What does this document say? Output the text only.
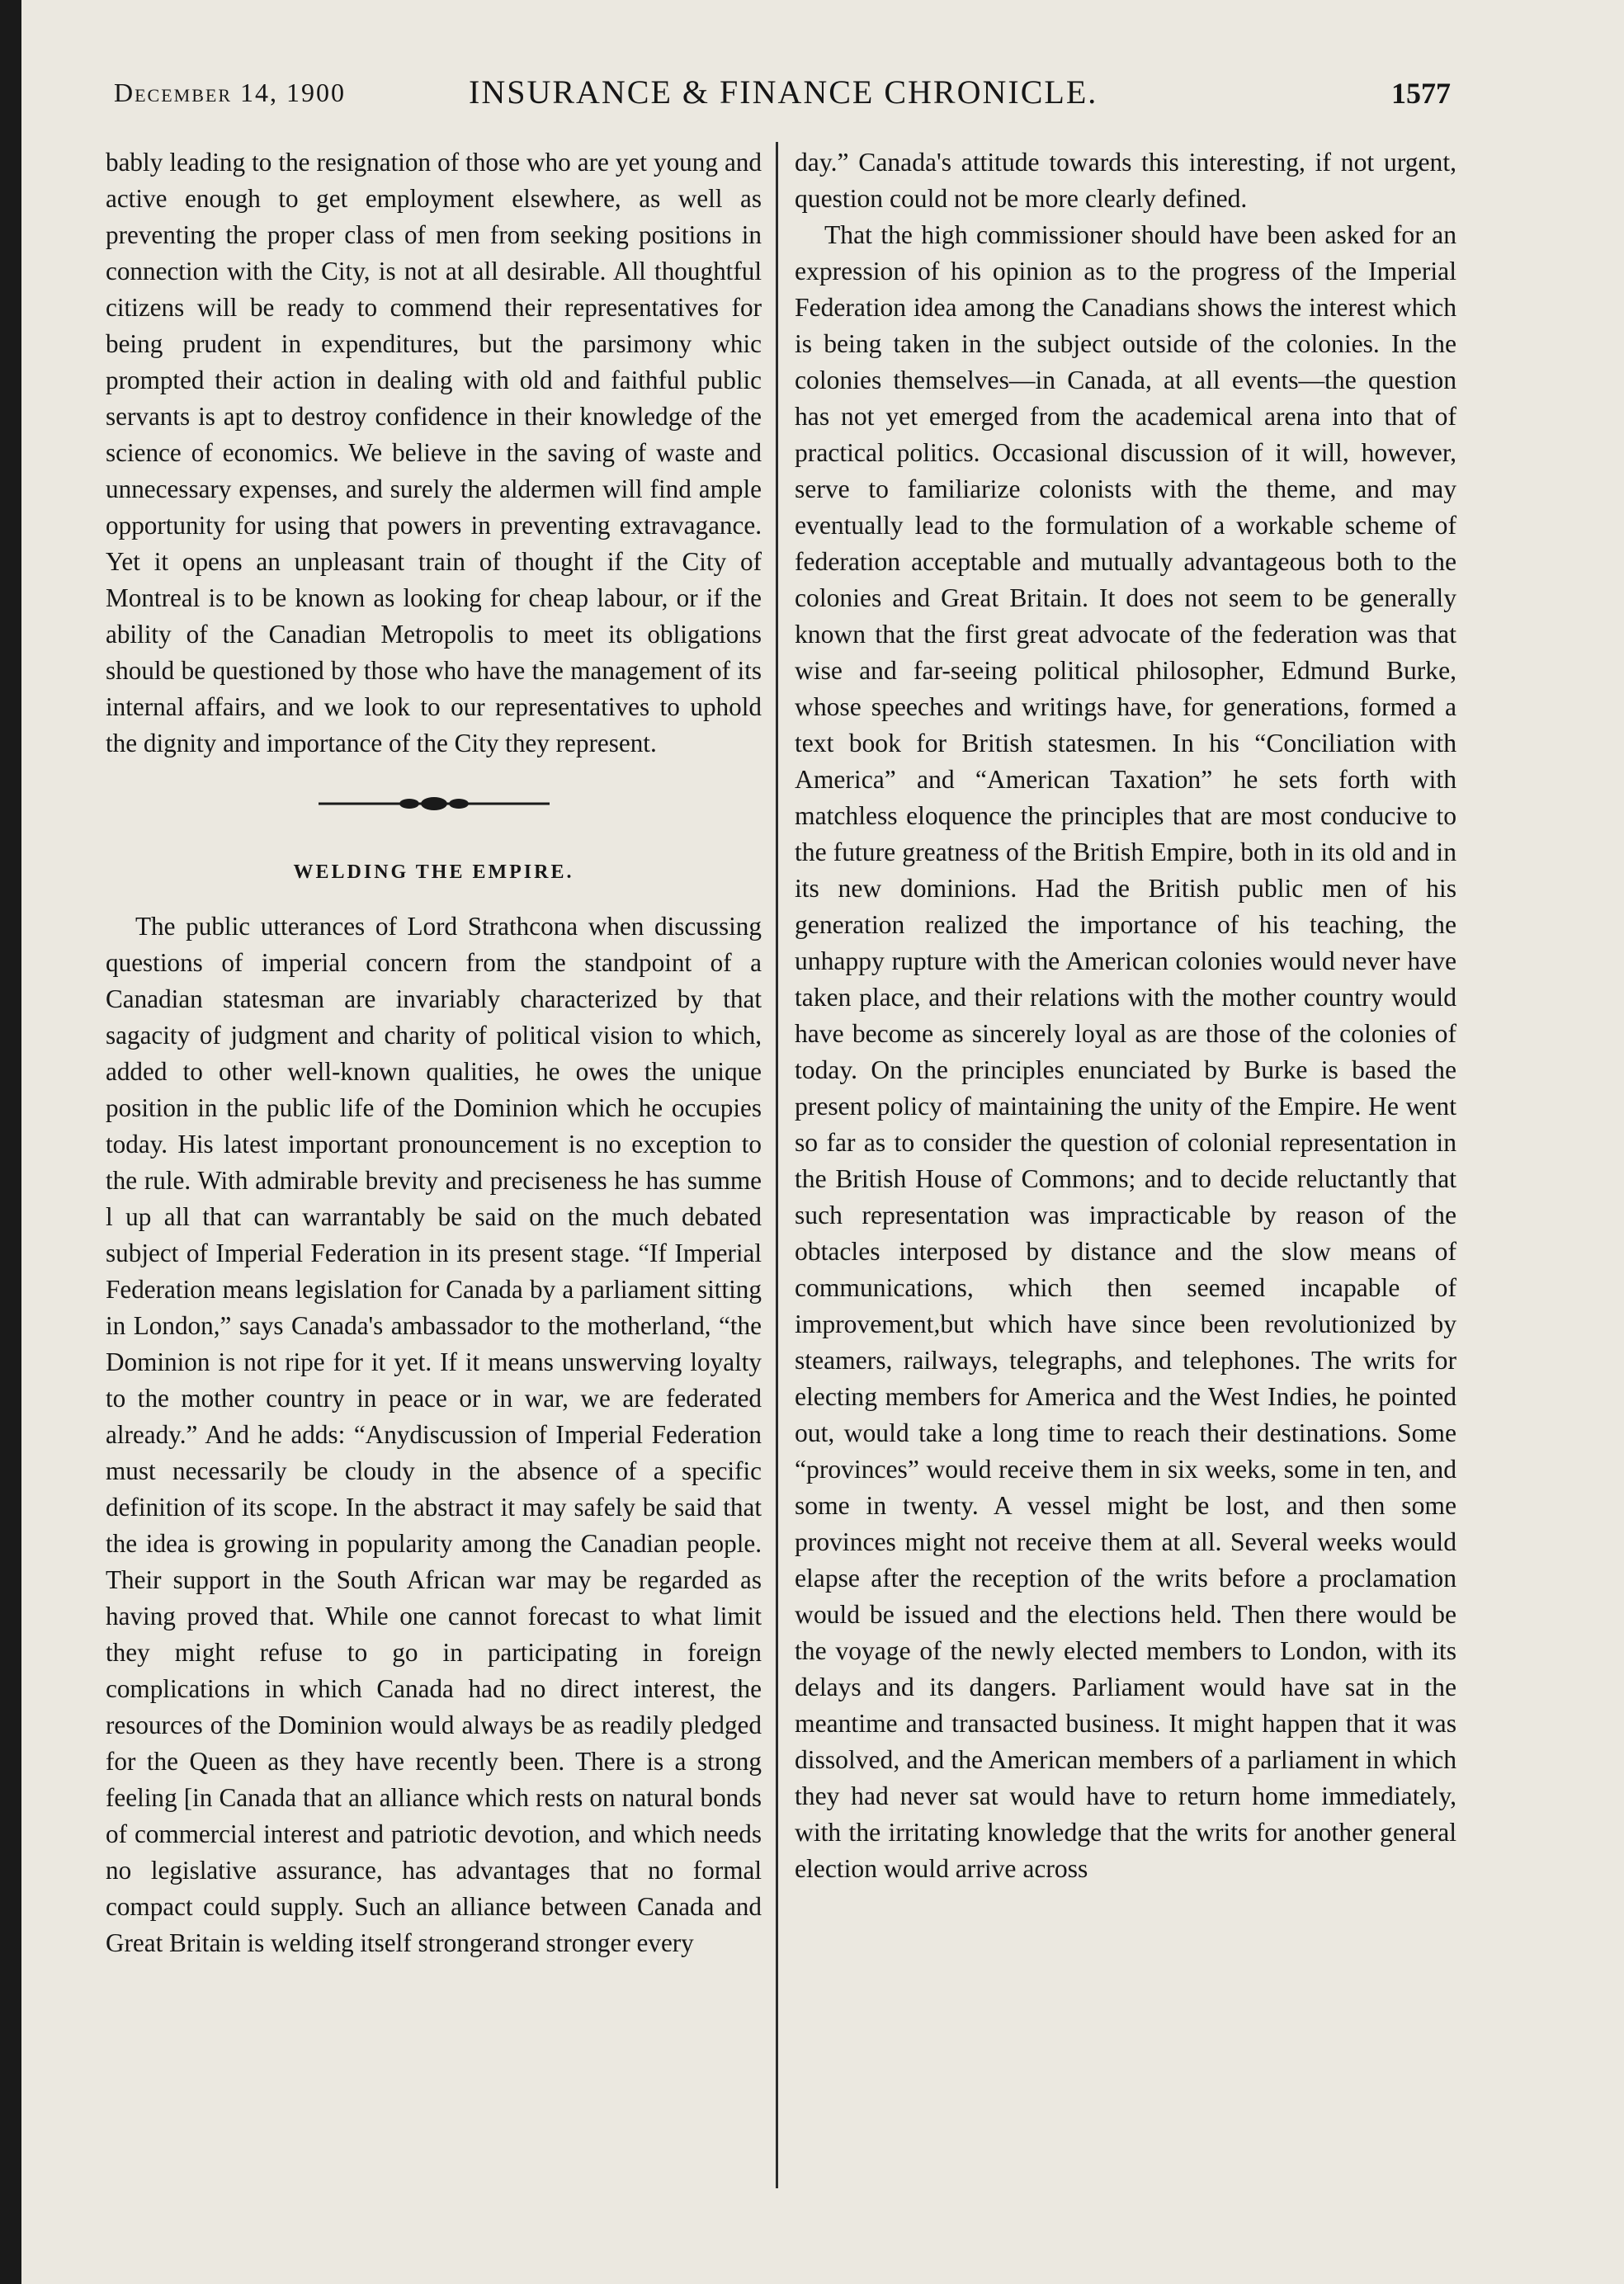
December 14, 1900	INSURANCE & FINANCE CHRONICLE.	1577

bably leading to the resignation of those who are yet young and active enough to get employment elsewhere, as well as preventing the proper class of men from seeking positions in connection with the City, is not at all desirable. All thoughtful citizens will be ready to commend their representatives for being prudent in expenditures, but the parsimony whic prompted their action in dealing with old and faithful public servants is apt to destroy confidence in their knowledge of the science of economics. We believe in the saving of waste and unnecessary expenses, and surely the aldermen will find ample opportunity for using that powers in preventing extravagance. Yet it opens an unpleasant train of thought if the City of Montreal is to be known as looking for cheap labour, or if the ability of the Canadian Metropolis to meet its obligations should be questioned by those who have the management of its internal affairs, and we look to our representatives to uphold the dignity and importance of the City they represent.

WELDING THE EMPIRE.

The public utterances of Lord Strathcona when discussing questions of imperial concern from the standpoint of a Canadian statesman are invariably characterized by that sagacity of judgment and charity of political vision to which, added to other well-known qualities, he owes the unique position in the public life of the Dominion which he occupies today. His latest important pronouncement is no exception to the rule. With admirable brevity and preciseness he has summe l up all that can warrantably be said on the much debated subject of Imperial Federation in its present stage. “If Imperial Federation means legislation for Canada by a parliament sitting in London,” says Canada's ambassador to the motherland, “the Dominion is not ripe for it yet. If it means unswerving loyalty to the mother country in peace or in war, we are federated already.” And he adds: “Anydiscussion of Imperial Federation must necessarily be cloudy in the absence of a specific definition of its scope. In the abstract it may safely be said that the idea is growing in popularity among the Canadian people. Their support in the South African war may be regarded as having proved that. While one cannot forecast to what limit they might refuse to go in participating in foreign complications in which Canada had no direct interest, the resources of the Dominion would always be as readily pledged for the Queen as they have recently been. There is a strong feeling [in Canada that an alliance which rests on natural bonds of commercial interest and patriotic devotion, and which needs no legislative assurance, has advantages that no formal compact could supply. Such an alliance between Canada and Great Britain is welding itself strongerand stronger every

day.” Canada's attitude towards this interesting, if not urgent, question could not be more clearly defined.

That the high commissioner should have been asked for an expression of his opinion as to the progress of the Imperial Federation idea among the Canadians shows the interest which is being taken in the subject outside of the colonies. In the colonies themselves—in Canada, at all events—the question has not yet emerged from the academical arena into that of practical politics. Occasional discussion of it will, however, serve to familiarize colonists with the theme, and may eventually lead to the formulation of a workable scheme of federation acceptable and mutually advantageous both to the colonies and Great Britain. It does not seem to be generally known that the first great advocate of the federation was that wise and far-seeing political philosopher, Edmund Burke, whose speeches and writings have, for generations, formed a text book for British statesmen. In his “Conciliation with America” and “American Taxation” he sets forth with matchless eloquence the principles that are most conducive to the future greatness of the British Empire, both in its old and in its new dominions. Had the British public men of his generation realized the importance of his teaching, the unhappy rupture with the American colonies would never have taken place, and their relations with the mother country would have become as sincerely loyal as are those of the colonies of today. On the principles enunciated by Burke is based the present policy of maintaining the unity of the Empire. He went so far as to consider the question of colonial representation in the British House of Commons; and to decide reluctantly that such representation was impracticable by reason of the obtacles interposed by distance and the slow means of communications, which then seemed incapable of improvement,but which have since been revolutionized by steamers, railways, telegraphs, and telephones. The writs for electing members for America and the West Indies, he pointed out, would take a long time to reach their destinations. Some “provinces” would receive them in six weeks, some in ten, and some in twenty. A vessel might be lost, and then some provinces might not receive them at all. Several weeks would elapse after the reception of the writs before a proclamation would be issued and the elections held. Then there would be the voyage of the newly elected members to London, with its delays and its dangers. Parliament would have sat in the meantime and transacted business. It might happen that it was dissolved, and the American members of a parliament in which they had never sat would have to return home immediately, with the irritating knowledge that the writs for another general election would arrive across
